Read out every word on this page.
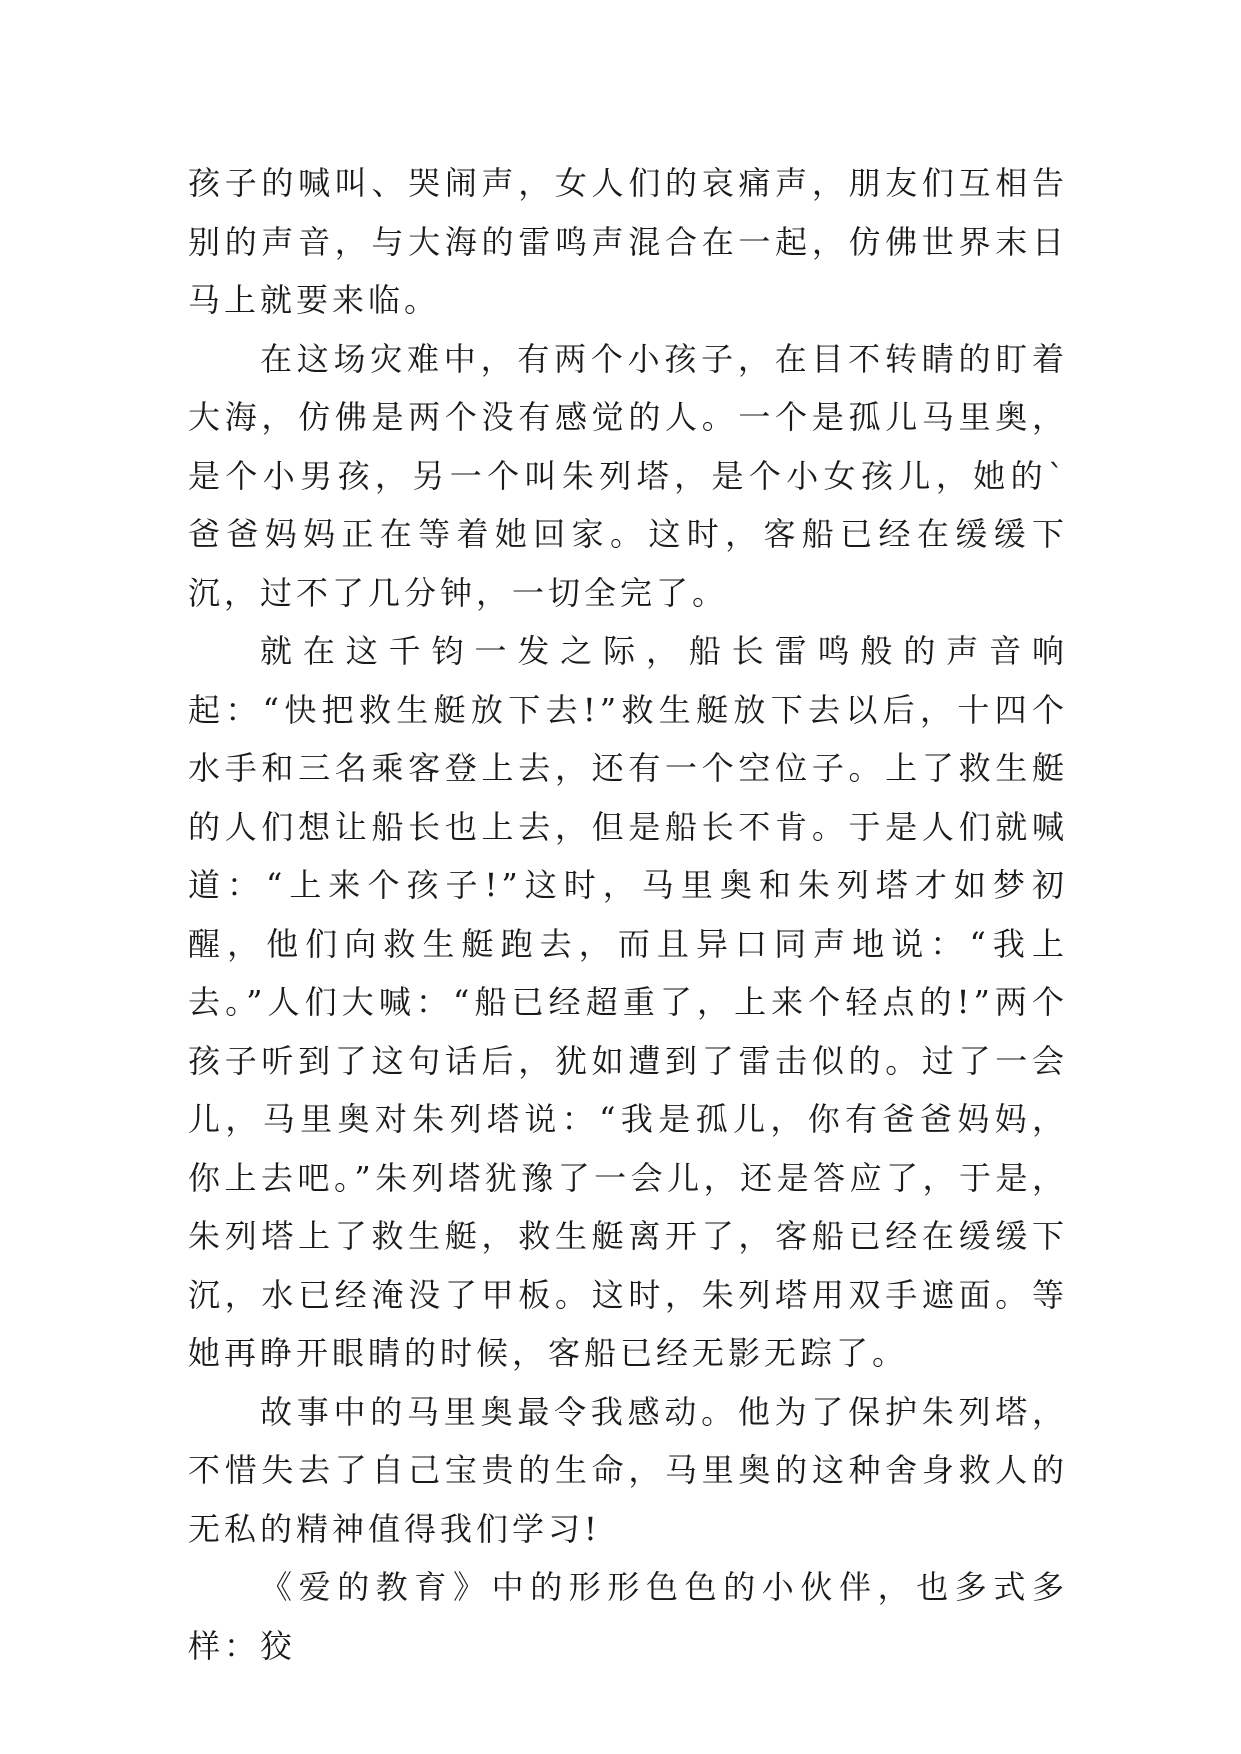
孩子的喊叫、哭闹声，女人们的哀痛声，朋友们互相告别的声音，与大海的雷鸣声混合在一起，仿佛世界末日马上就要来临。

在这场灾难中，有两个小孩子，在目不转睛的盯着大海，仿佛是两个没有感觉的人。一个是孤儿马里奥，是个小男孩，另一个叫朱列塔，是个小女孩儿，她的`爸爸妈妈正在等着她回家。这时，客船已经在缓缓下沉，过不了几分钟，一切全完了。

就在这千钧一发之际，船长雷鸣般的声音响起：“快把救生艇放下去!”救生艇放下去以后，十四个水手和三名乘客登上去，还有一个空位子。上了救生艇的人们想让船长也上去，但是船长不肯。于是人们就喊道：“上来个孩子!”这时，马里奥和朱列塔才如梦初醒，他们向救生艇跑去，而且异口同声地说：“我上去。”人们大喊：“船已经超重了，上来个轻点的!”两个孩子听到了这句话后，犹如遭到了雷击似的。过了一会儿，马里奥对朱列塔说：“我是孤儿，你有爸爸妈妈，你上去吧。”朱列塔犹豫了一会儿，还是答应了，于是，朱列塔上了救生艇，救生艇离开了，客船已经在缓缓下沉，水已经淹没了甲板。这时，朱列塔用双手遮面。等她再睁开眼睛的时候，客船已经无影无踪了。

故事中的马里奥最令我感动。他为了保护朱列塔，不惜失去了自己宝贵的生命，马里奥的这种舍身救人的无私的精神值得我们学习!

《爱的教育》中的形形色色的小伙伴，也多式多样：狡
